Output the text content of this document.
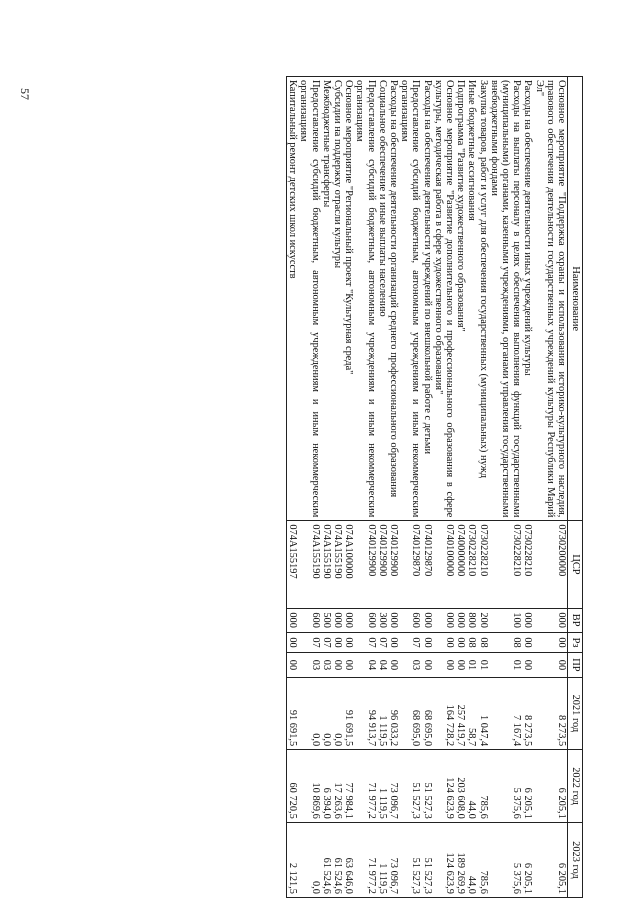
57
Наименование	ЦСР	ВР	Рз	ПР	2021 год	2022 год	2023 год
Основное мероприятие "Поддержка охраны и использования историко-культурного наследия, правового обеспечения деятельности государственных учреждений культуры Республики Марий Эл"	0730200000	000	00	00	8 273,5	6 205,1	6 205,1
Расходы на обеспечение деятельности иных учреждений культуры	0730228210	000	00	00	8 273,5	6 205,1	6 205,1
Расходы на выплаты персоналу в целях обеспечения выполнения функций государственными (муниципальными) органами, казенными учреждениями, органами управления государственными внебюджетными фондами	0730228210	100	08	01	7 167,4	5 375,6	5 375,6
Закупка товаров, работ и услуг для обеспечения государственных (муниципальных) нужд	0730228210	200	08	01	1 047,4	785,6	785,6
Иные бюджетные ассигнования	0730228210	800	08	01	58,7	44,0	44,0
Подпрограмма "Развитие художественного образования"	0740000000	000	00	00	257 419,7	203 608,0	189 269,9
Основное мероприятие "Развитие дополнительного и профессионального образования в сфере культуры, методическая работа в сфере художественного образования"	0740100000	000	00	00	164 728,2	124 623,9	124 623,9
Расходы на обеспечение деятельности учреждений по внешкольной работе с детьми	0740129870	000	00	00	68 695,0	51 527,3	51 527,3
Предоставление субсидий бюджетным, автономным учреждениям и иным некоммерческим организациям	0740129870	600	07	03	68 695,0	51 527,3	51 527,3
Расходы на обеспечение деятельности организаций среднего профессионального образования	0740129900	000	00	00	96 033,2	73 096,7	73 096,7
Социальное обеспечение и иные выплаты населению	0740129900	300	07	04	1 119,5	1 119,5	1 119,5
Предоставление субсидий бюджетным, автономным учреждениям и иным некоммерческим организациям	0740129900	600	07	04	94 913,7	71 977,2	71 977,2
Основное мероприятие "Региональный проект "Культурная среда"	074A100000	000	00	00	91 691,5	77 984,1	63 646,0
Субсидии на поддержку отрасли культуры	074A155190	000	00	00	0,0	17 263,6	61 524,6
Межбюджетные трансферты	074A155190	500	07	03	0,0	6 394,0	61 524,6
Предоставление субсидий бюджетным, автономным учреждениям и иным некоммерческим организациям	074A155190	600	07	03	0,0	10 869,6	0,0
Капитальный ремонт детских школ искусств	074A155197	000	00	00	91 691,5	60 720,5	2 121,5
